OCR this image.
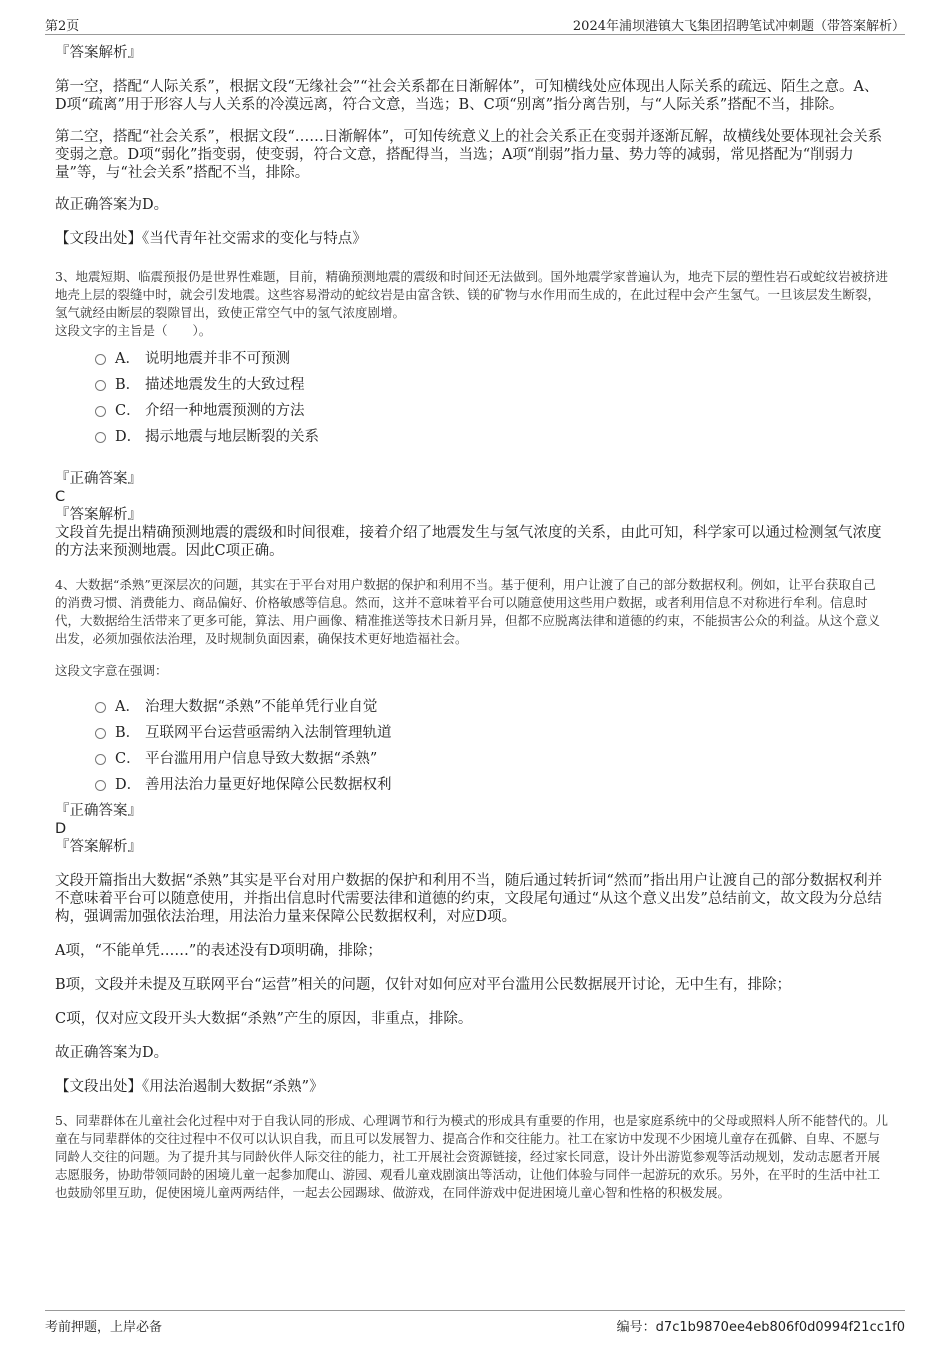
第2页	2024年浦坝港镇大飞集团招聘笔试冲刺题（带答案解析）
『答案解析』

第一空，搭配“人际关系”，根据文段“无缘社会”“社会关系都在日渐解体”，可知横线处应体现出人际关系的疏远、陌生之意。A、D项“疏离”用于形容人与人关系的冷漠远离，符合文意，当选；B、C项“别离”指分离告别，与“人际关系”搭配不当，排除。

第二空，搭配“社会关系”，根据文段“……日渐解体”，可知传统意义上的社会关系正在变弱并逐渐瓦解，故横线处要体现社会关系变弱之意。D项“弱化”指变弱，使变弱，符合文意，搭配得当，当选；A项“削弱”指力量、势力等的减弱，常见搭配为“削弱力量”等，与“社会关系”搭配不当，排除。

故正确答案为D。

【文段出处】《当代青年社交需求的变化与特点》

3、地震短期、临震预报仍是世界性难题，目前，精确预测地震的震级和时间还无法做到。国外地震学家普遍认为，地壳下层的塑性岩石或蛇纹岩被挤进地壳上层的裂缝中时，就会引发地震。这些容易滑动的蛇纹岩是由富含铁、镁的矿物与水作用而生成的，在此过程中会产生氢气。一旦该层发生断裂，氢气就经由断层的裂隙冒出，致使正常空气中的氢气浓度剧增。

这段文字的主旨是（　　）。

A． 说明地震并非不可预测
B． 描述地震发生的大致过程
C． 介绍一种地震预测的方法
D． 揭示地震与地层断裂的关系
『正确答案』
C
『答案解析』

文段首先提出精确预测地震的震级和时间很难，接着介绍了地震发生与氢气浓度的关系，由此可知，科学家可以通过检测氢气浓度的方法来预测地震。因此C项正确。

4、大数据“杀熟”更深层次的问题，其实在于平台对用户数据的保护和利用不当。基于便利，用户让渡了自己的部分数据权利。例如，让平台获取自己的消费习惯、消费能力、商品偏好、价格敏感等信息。然而，这并不意味着平台可以随意使用这些用户数据，或者利用信息不对称进行牟利。信息时代，大数据给生活带来了更多可能，算法、用户画像、精准推送等技术日新月异，但都不应脱离法律和道德的约束，不能损害公众的利益。从这个意义出发，必须加强依法治理，及时规制负面因素，确保技术更好地造福社会。

这段文字意在强调：

A． 治理大数据“杀熟”不能单凭行业自觉
B． 互联网平台运营亟需纳入法制管理轨道
C． 平台滥用用户信息导致大数据“杀熟”
D． 善用法治力量更好地保障公民数据权利
『正确答案』
D
『答案解析』

文段开篇指出大数据“杀熟”其实是平台对用户数据的保护和利用不当，随后通过转折词“然而”指出用户让渡自己的部分数据权利并不意味着平台可以随意使用，并指出信息时代需要法律和道德的约束，文段尾句通过“从这个意义出发”总结前文，故文段为分总结构，强调需加强依法治理，用法治力量来保障公民数据权利，对应D项。

A项，“不能单凭……”的表述没有D项明确，排除；

B项，文段并未提及互联网平台“运营”相关的问题，仅针对如何应对平台滥用公民数据展开讨论，无中生有，排除；

C项，仅对应文段开头大数据“杀熟”产生的原因，非重点，排除。

故正确答案为D。

【文段出处】《用法治遏制大数据“杀熟”》

5、同辈群体在儿童社会化过程中对于自我认同的形成、心理调节和行为模式的形成具有重要的作用，也是家庭系统中的父母或照料人所不能替代的。儿童在与同辈群体的交往过程中不仅可以认识自我，而且可以发展智力、提高合作和交往能力。社工在家访中发现不少困境儿童存在孤僻、自卑、不愿与同龄人交往的问题。为了提升其与同龄伙伴人际交往的能力，社工开展社会资源链接，经过家长同意，设计外出游览参观等活动规划，发动志愿者开展志愿服务，协助带领同龄的困境儿童一起参加爬山、游园、观看儿童戏剧演出等活动，让他们体验与同伴一起游玩的欢乐。另外，在平时的生活中社工也鼓励邻里互助，促使困境儿童两两结伴，一起去公园踢球、做游戏，在同伴游戏中促进困境儿童心智和性格的积极发展。

考前押题，上岸必备	编号：d7c1b9870ee4eb806f0d0994f21cc1f0
